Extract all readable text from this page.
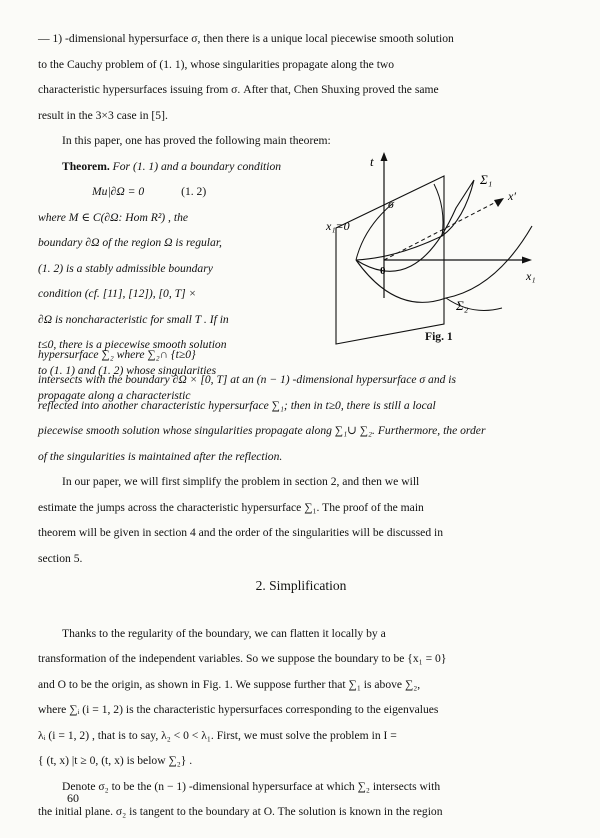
— 1) -dimensional hypersurface σ, then there is a unique local piecewise smooth solution

to the Cauchy problem of (1. 1), whose singularities propagate along the two

characteristic hypersurfaces issuing from σ. After that, Chen Shuxing proved the same

result in the 3×3 case in [5].

In this paper, one has proved the following main theorem:

Theorem. For (1. 1) and a boundary condition

Mu|∂Ω = 0	(1. 2)

where M ∈ C(∂Ω: Hom R²) , the

boundary ∂Ω of the region Ω is regular,

(1. 2) is a stably admissible boundary

condition (cf. [11], [12]), [0, T] ×

∂Ω is noncharacteristic for small T . If in

t≤0, there is a piecewise smooth solution

to (1. 1) and (1. 2) whose singularities

propagate along a characteristic

t
x₁=0
x₁
x′
0
Σ₁
σ
Σ₂
Fig. 1

hypersurface ∑₂ where ∑₂∩ {t≥0}

intersects with the boundary ∂Ω × [0, T] at an (n − 1) -dimensional hypersurface σ and is

reflected into another characteristic hypersurface ∑₁; then in t≥0, there is still a local

piecewise smooth solution whose singularities propagate along ∑₁∪ ∑₂. Furthermore, the order

of the singularities is maintained after the reflection.

In our paper, we will first simplify the problem in section 2, and then we will

estimate the jumps across the characteristic hypersurface ∑₁. The proof of the main

theorem will be given in section 4 and the order of the singularities will be discussed in

section 5.

2. Simplification

Thanks to the regularity of the boundary, we can flatten it locally by a

transformation of the independent variables. So we suppose the boundary to be {x₁ = 0}

and O to be the origin, as shown in Fig. 1. We suppose further that ∑₁ is above ∑₂,

where ∑ᵢ (i = 1, 2) is the characteristic hypersurfaces corresponding to the eigenvalues

λᵢ (i = 1, 2) , that is to say, λ₂ < 0 < λ₁. First, we must solve the problem in I =

{ (t, x) |t ≥ 0, (t, x) is below ∑₂} .

Denote σ₂ to be the (n − 1) -dimensional hypersurface at which ∑₂ intersects with

the initial plane. σ₂ is tangent to the boundary at O. The solution is known in the region

60
